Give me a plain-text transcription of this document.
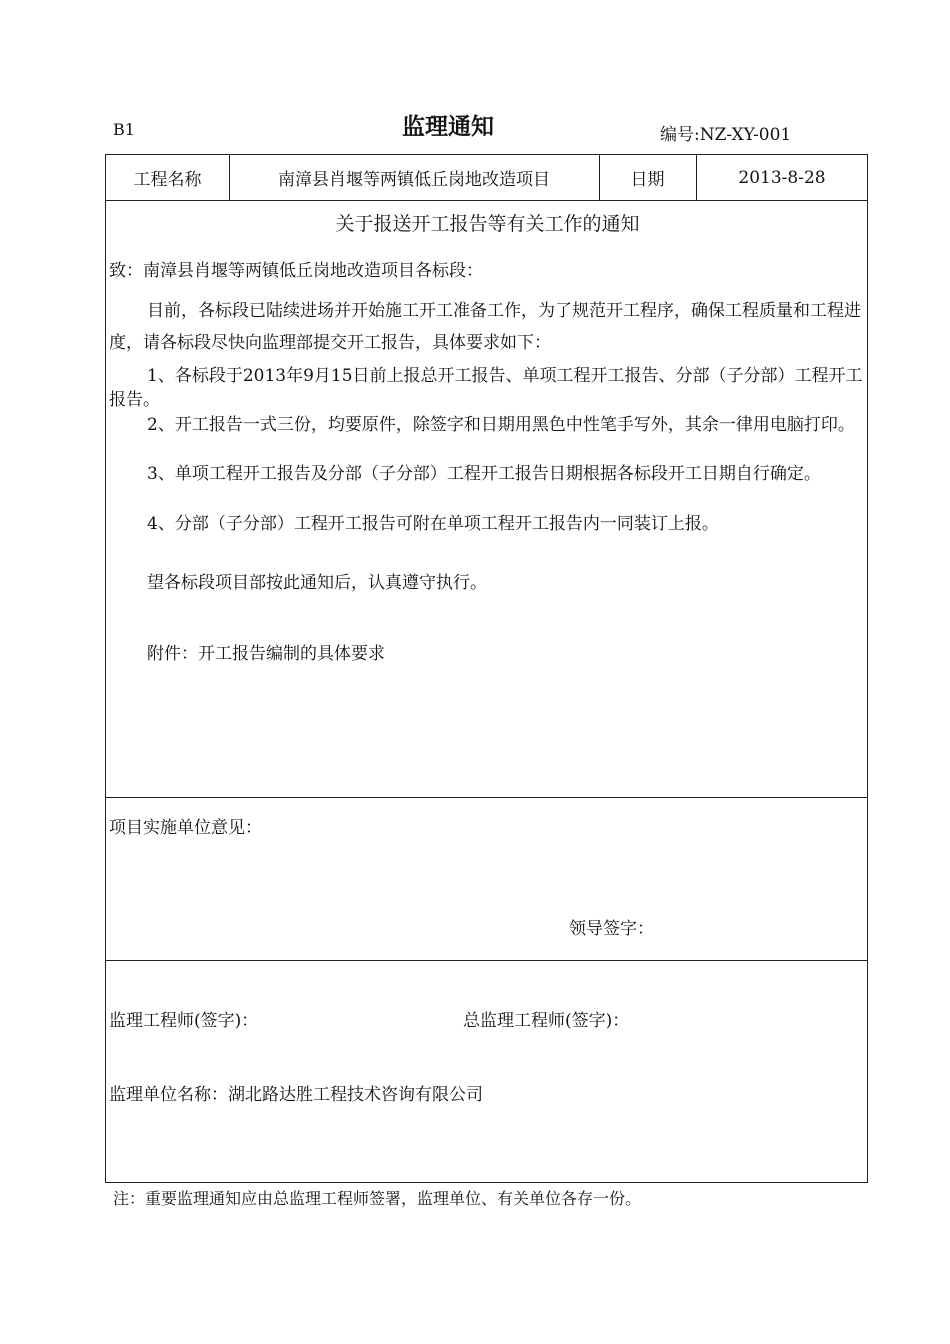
B1	监理通知	编号:NZ-XY-001
工程名称	南漳县肖堰等两镇低丘岗地改造项目	日期	2013-8-28
关于报送开工报告等有关工作的通知
致：南漳县肖堰等两镇低丘岗地改造项目各标段：
目前，各标段已陆续进场并开始施工开工准备工作，为了规范开工程序，确保工程质量和工程进度，请各标段尽快向监理部提交开工报告，具体要求如下：
1、各标段于2013年9月15日前上报总开工报告、单项工程开工报告、分部（子分部）工程开工报告。
2、开工报告一式三份，均要原件，除签字和日期用黑色中性笔手写外，其余一律用电脑打印。
3、单项工程开工报告及分部（子分部）工程开工报告日期根据各标段开工日期自行确定。
4、分部（子分部）工程开工报告可附在单项工程开工报告内一同装订上报。
望各标段项目部按此通知后，认真遵守执行。
附件：开工报告编制的具体要求
项目实施单位意见：
领导签字：
监理工程师(签字)：	总监理工程师(签字)：
监理单位名称：湖北路达胜工程技术咨询有限公司
注：重要监理通知应由总监理工程师签署，监理单位、有关单位各存一份。
